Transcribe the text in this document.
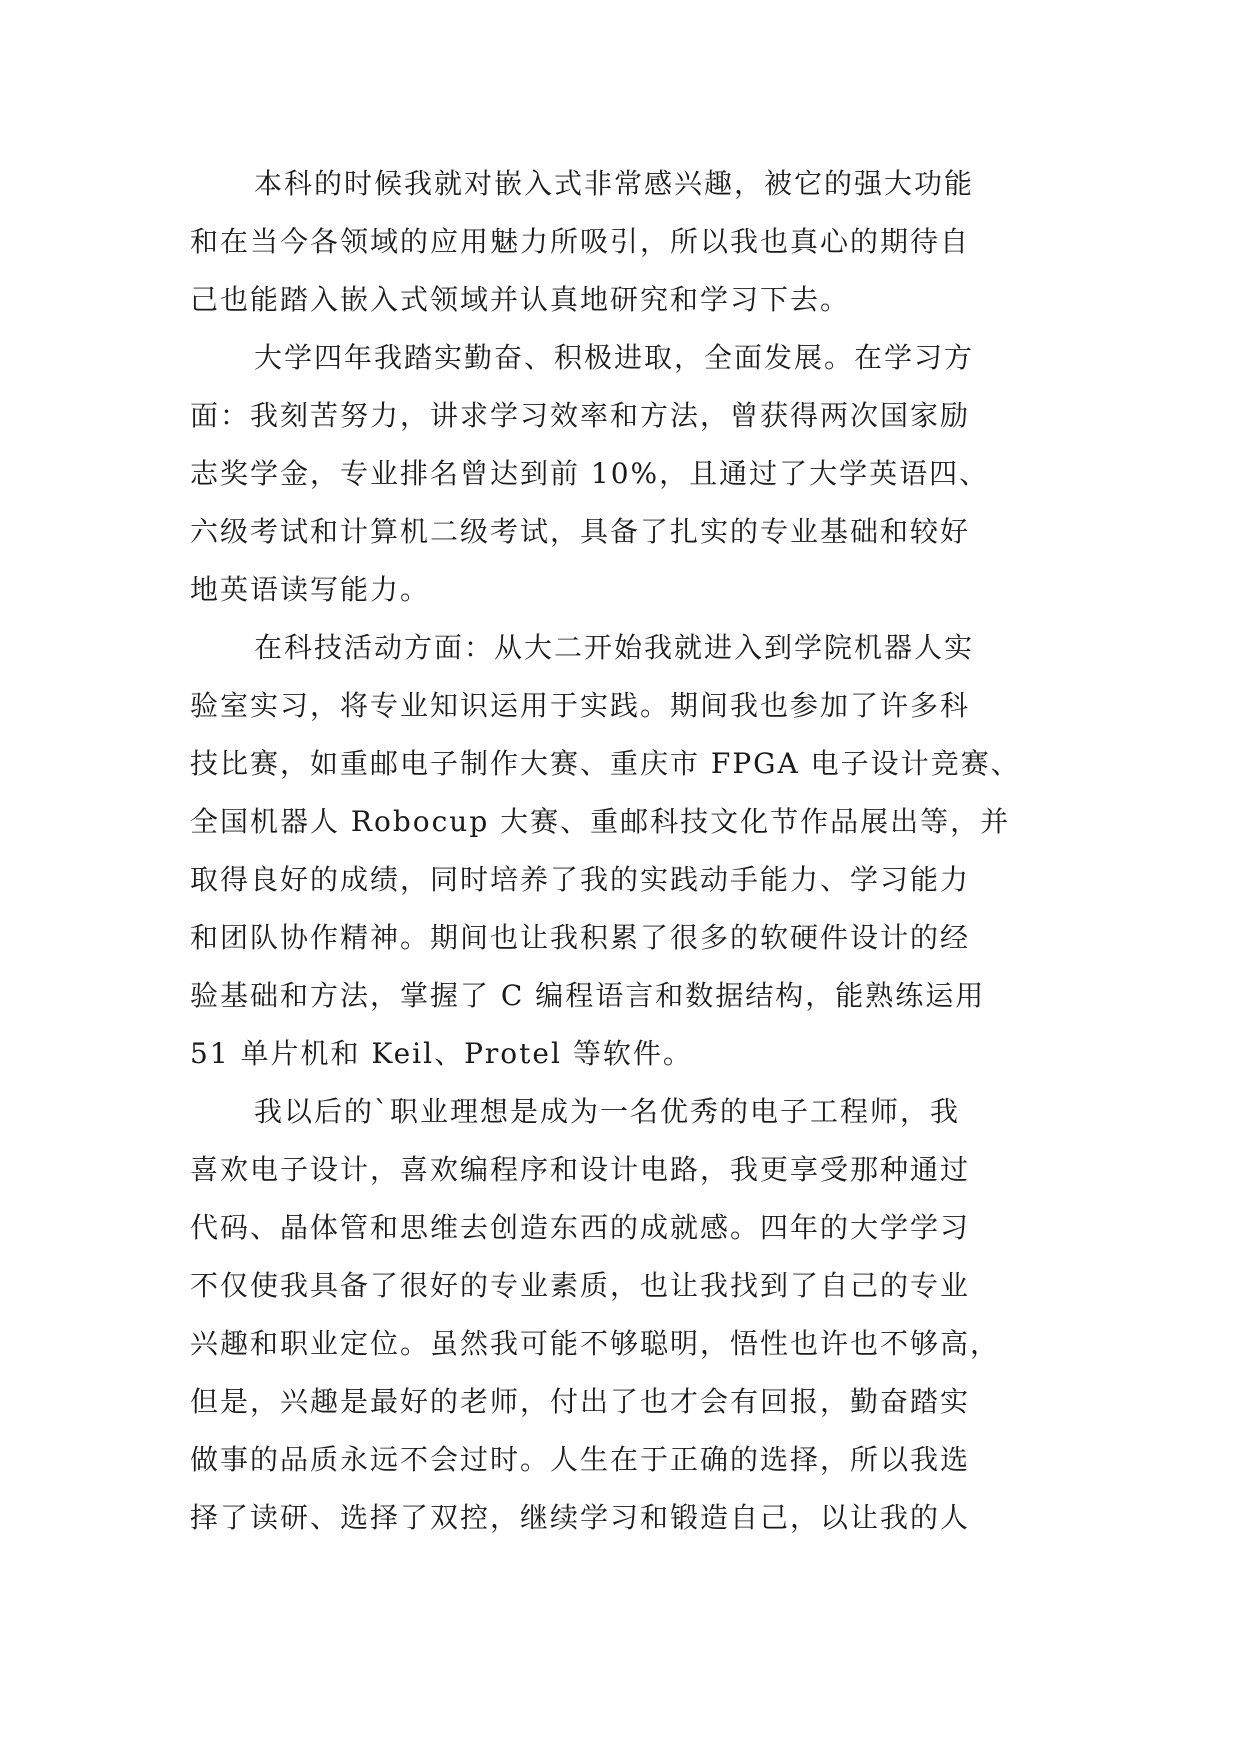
本科的时候我就对嵌入式非常感兴趣，被它的强大功能
和在当今各领域的应用魅力所吸引，所以我也真心的期待自
己也能踏入嵌入式领域并认真地研究和学习下去。
大学四年我踏实勤奋、积极进取，全面发展。在学习方
面：我刻苦努力，讲求学习效率和方法，曾获得两次国家励
志奖学金，专业排名曾达到前 10%，且通过了大学英语四、
六级考试和计算机二级考试，具备了扎实的专业基础和较好
地英语读写能力。
在科技活动方面：从大二开始我就进入到学院机器人实
验室实习，将专业知识运用于实践。期间我也参加了许多科
技比赛，如重邮电子制作大赛、重庆市 FPGA 电子设计竞赛、
全国机器人 Robocup 大赛、重邮科技文化节作品展出等，并
取得良好的成绩，同时培养了我的实践动手能力、学习能力
和团队协作精神。期间也让我积累了很多的软硬件设计的经
验基础和方法，掌握了 C 编程语言和数据结构，能熟练运用
51 单片机和 Keil、Protel 等软件。
我以后的`职业理想是成为一名优秀的电子工程师，我
喜欢电子设计，喜欢编程序和设计电路，我更享受那种通过
代码、晶体管和思维去创造东西的成就感。四年的大学学习
不仅使我具备了很好的专业素质，也让我找到了自己的专业
兴趣和职业定位。虽然我可能不够聪明，悟性也许也不够高，
但是，兴趣是最好的老师，付出了也才会有回报，勤奋踏实
做事的品质永远不会过时。人生在于正确的选择，所以我选
择了读研、选择了双控，继续学习和锻造自己，以让我的人
